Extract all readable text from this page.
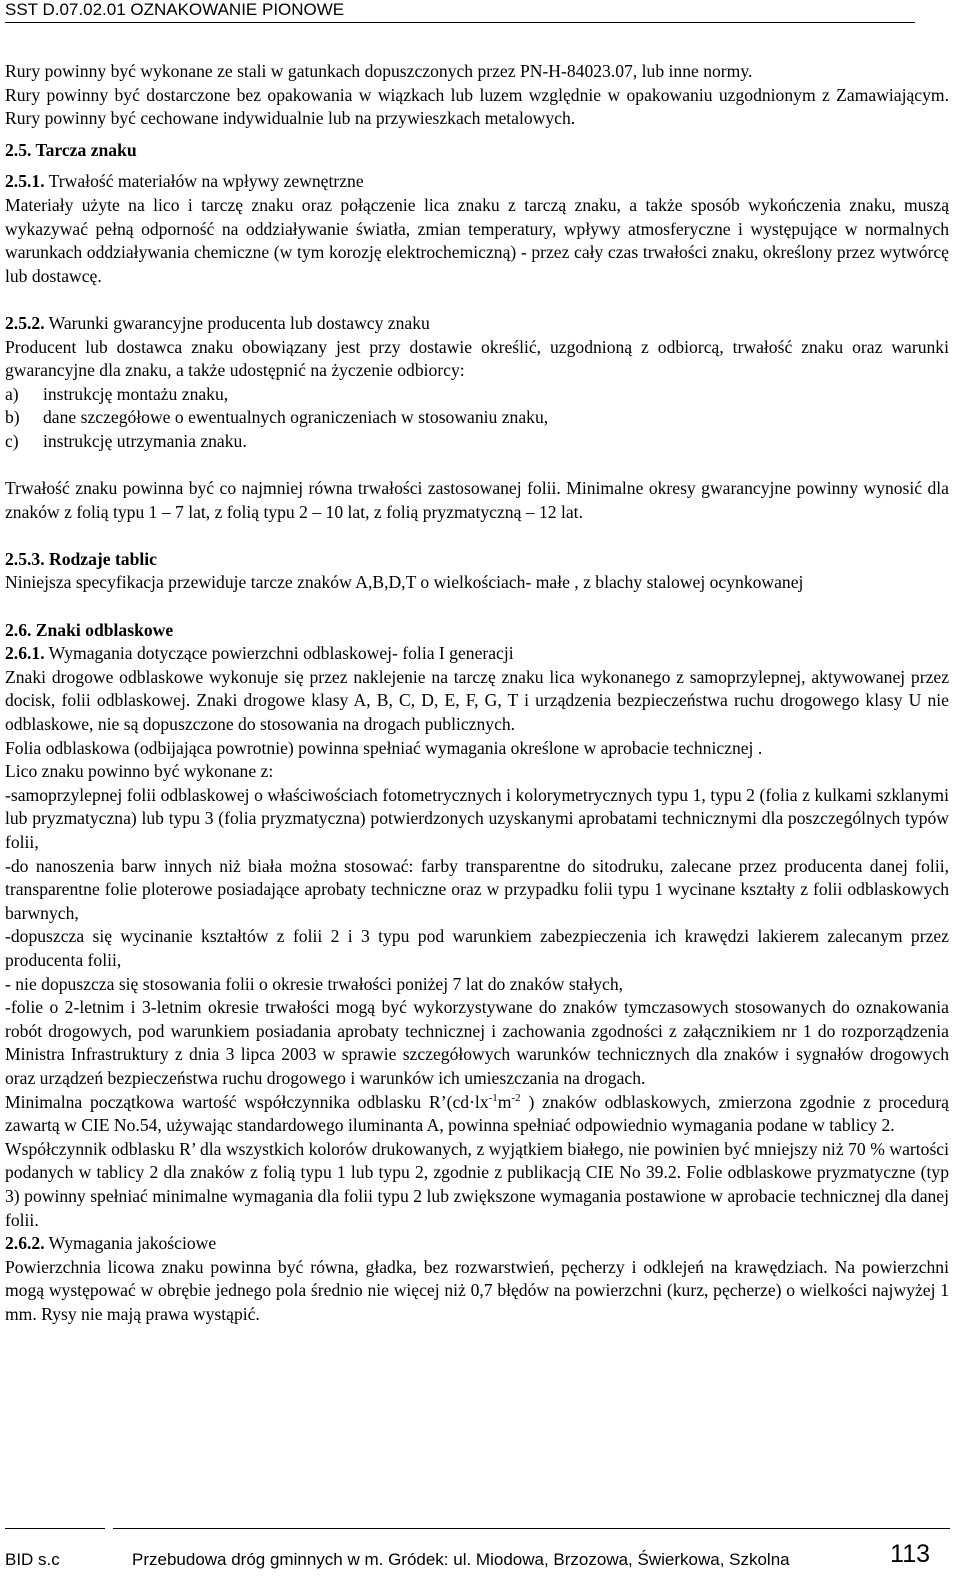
SST D.07.02.01 OZNAKOWANIE PIONOWE

Rury powinny być wykonane ze stali w gatunkach dopuszczonych przez PN-H-84023.07, lub inne normy.

Rury powinny być dostarczone bez opakowania w wiązkach lub luzem względnie w opakowaniu uzgodnionym z Zamawiającym. Rury powinny być cechowane indywidualnie lub na przywieszkach metalowych.

2.5. Tarcza znaku

2.5.1. Trwałość materiałów na wpływy zewnętrzne

Materiały użyte na lico i tarczę znaku oraz połączenie lica znaku z tarczą znaku, a także sposób wykończenia znaku, muszą wykazywać pełną odporność na oddziaływanie światła, zmian temperatury, wpływy atmosferyczne i występujące w normalnych warunkach oddziaływania chemiczne (w tym korozję elektrochemiczną) - przez cały czas trwałości znaku, określony przez wytwórcę lub dostawcę.

2.5.2. Warunki gwarancyjne producenta lub dostawcy znaku

Producent lub dostawca znaku obowiązany jest przy dostawie określić, uzgodnioną z odbiorcą, trwałość znaku oraz warunki gwarancyjne dla znaku, a także udostępnić na życzenie odbiorcy:

a)	instrukcję montażu znaku,
b)	dane szczegółowe o ewentualnych ograniczeniach w stosowaniu znaku,
c)	instrukcję utrzymania znaku.

Trwałość znaku powinna być co najmniej równa trwałości zastosowanej folii. Minimalne okresy gwarancyjne powinny wynosić dla znaków z folią typu 1 – 7 lat, z folią typu 2 – 10 lat, z folią pryzmatyczną – 12 lat.

2.5.3. Rodzaje tablic

Niniejsza specyfikacja przewiduje tarcze znaków A,B,D,T o wielkościach- małe , z blachy stalowej ocynkowanej

2.6. Znaki odblaskowe

2.6.1. Wymagania dotyczące powierzchni odblaskowej- folia I generacji

Znaki drogowe odblaskowe wykonuje się przez naklejenie na tarczę znaku lica wykonanego z samoprzylepnej, aktywowanej przez docisk, folii odblaskowej. Znaki drogowe klasy A, B, C, D, E, F, G, T i urządzenia bezpieczeństwa ruchu drogowego klasy U nie odblaskowe, nie są dopuszczone do stosowania na drogach publicznych.

Folia odblaskowa (odbijająca powrotnie) powinna spełniać wymagania określone w aprobacie technicznej .

Lico znaku powinno być wykonane z:

-samoprzylepnej folii odblaskowej o właściwościach fotometrycznych i kolorymetrycznych typu 1, typu 2 (folia z kulkami szklanymi lub pryzmatyczna) lub typu 3 (folia pryzmatyczna) potwierdzonych uzyskanymi aprobatami technicznymi dla poszczególnych typów folii,

-do nanoszenia barw innych niż biała można stosować: farby transparentne do sitodruku, zalecane przez producenta danej folii, transparentne folie ploterowe posiadające aprobaty techniczne oraz w przypadku folii typu 1 wycinane kształty z folii odblaskowych barwnych,

-dopuszcza się wycinanie kształtów z folii 2 i 3 typu pod warunkiem zabezpieczenia ich krawędzi lakierem zalecanym przez producenta folii,

- nie dopuszcza się stosowania folii o okresie trwałości poniżej 7 lat do znaków stałych,

-folie o 2-letnim i 3-letnim okresie trwałości mogą być wykorzystywane do znaków tymczasowych stosowanych do oznakowania robót drogowych, pod warunkiem posiadania aprobaty technicznej i zachowania zgodności z załącznikiem nr 1 do rozporządzenia Ministra Infrastruktury z dnia 3 lipca 2003 w sprawie szczegółowych warunków technicznych dla znaków i sygnałów drogowych oraz urządzeń bezpieczeństwa ruchu drogowego i warunków ich umieszczania na drogach.

Minimalna początkowa wartość współczynnika odblasku $R’(cd\cdot lx^{-1}m^{-2}$ ) znaków odblaskowych, zmierzona zgodnie z procedurą zawartą w CIE No.54, używając standardowego iluminanta A, powinna spełniać odpowiednio wymagania podane w tablicy 2.

Współczynnik odblasku R’ dla wszystkich kolorów drukowanych, z wyjątkiem białego, nie powinien być mniejszy niż 70 % wartości podanych w tablicy 2 dla znaków z folią typu 1 lub typu 2, zgodnie z publikacją CIE No 39.2. Folie odblaskowe pryzmatyczne (typ 3) powinny spełniać minimalne wymagania dla folii typu 2 lub zwiększone wymagania postawione w aprobacie technicznej dla danej folii.

2.6.2. Wymagania jakościowe

Powierzchnia licowa znaku powinna być równa, gładka, bez rozwarstwień, pęcherzy i odklejeń na krawędziach. Na powierzchni mogą występować w obrębie jednego pola średnio nie więcej niż 0,7 błędów na powierzchni (kurz, pęcherze) o wielkości najwyżej 1 mm. Rysy nie mają prawa wystąpić.

BID s.c	Przebudowa dróg gminnych w m. Gródek: ul. Miodowa, Brzozowa, Świerkowa, Szkolna	113
